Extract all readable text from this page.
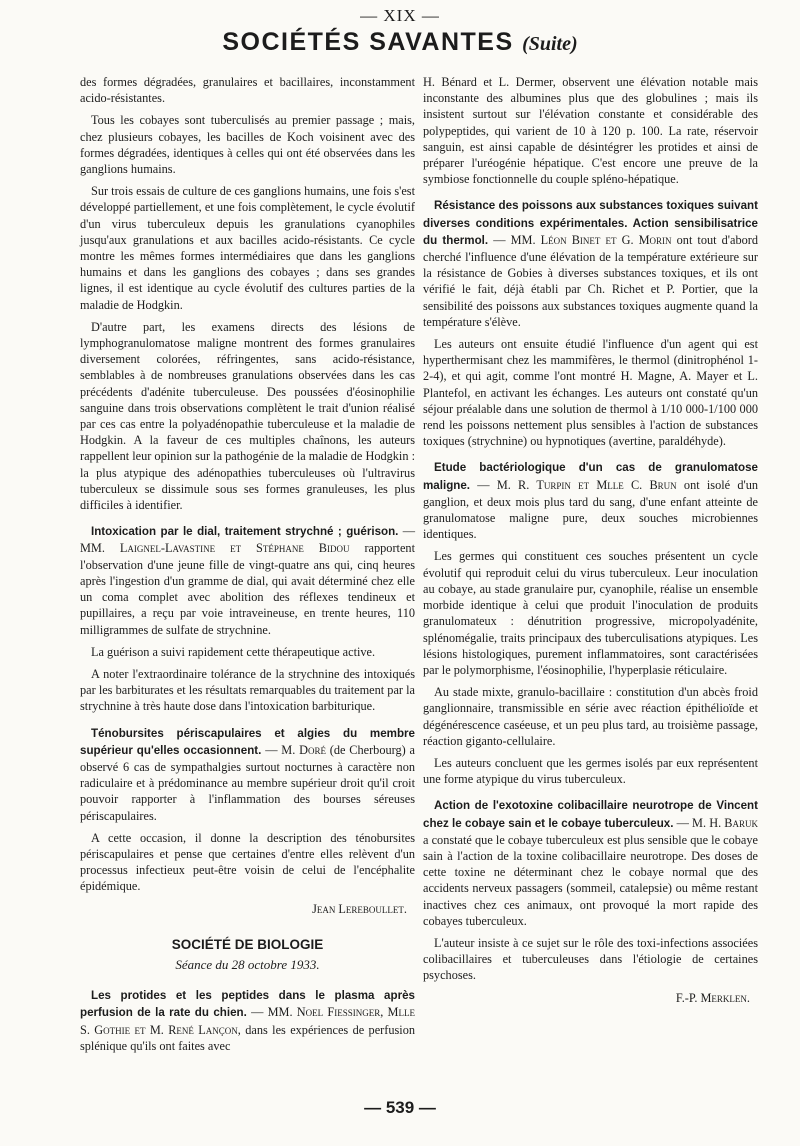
— XIX —
SOCIÉTÉS SAVANTES (Suite)

des formes dégradées, granulaires et bacillaires, inconstamment acido-résistantes.

Tous les cobayes sont tuberculisés au premier passage ; mais, chez plusieurs cobayes, les bacilles de Koch voisinent avec des formes dégradées, identiques à celles qui ont été observées dans les ganglions humains.

Sur trois essais de culture de ces ganglions humains, une fois s'est développé partiellement, et une fois complètement, le cycle évolutif d'un virus tuberculeux depuis les granulations cyanophiles jusqu'aux granulations et aux bacilles acido-résistants. Ce cycle montre les mêmes formes intermédiaires que dans les ganglions humains et dans les ganglions des cobayes ; dans ses grandes lignes, il est identique au cycle évolutif des cultures parties de la maladie de Hodgkin.

D'autre part, les examens directs des lésions de lymphogranulomatose maligne montrent des formes granulaires diversement colorées, réfringentes, sans acido-résistance, semblables à de nombreuses granulations observées dans les cas précédents d'adénite tuberculeuse. Des poussées d'éosinophilie sanguine dans trois observations complètent le trait d'union réalisé par ces cas entre la polyadénopathie tuberculeuse et la maladie de Hodgkin. A la faveur de ces multiples chaînons, les auteurs rappellent leur opinion sur la pathogénie de la maladie de Hodgkin : la plus atypique des adénopathies tuberculeuses où l'ultravirus tuberculeux se dissimule sous ses formes granuleuses, les plus difficiles à identifier.

Intoxication par le dial, traitement strychné ; guérison. — MM. Laignel-Lavastine et Stéphane Bidou rapportent l'observation d'une jeune fille de vingt-quatre ans qui, cinq heures après l'ingestion d'un gramme de dial, qui avait déterminé chez elle un coma complet avec abolition des réflexes tendineux et pupillaires, a reçu par voie intraveineuse, en trente heures, 110 milligrammes de sulfate de strychnine.

La guérison a suivi rapidement cette thérapeutique active.

A noter l'extraordinaire tolérance de la strychnine des intoxiqués par les barbiturates et les résultats remarquables du traitement par la strychnine à très haute dose dans l'intoxication barbiturique.

Ténobursites périscapulaires et algies du membre supérieur qu'elles occasionnent. — M. Doré (de Cherbourg) a observé 6 cas de sympathalgies surtout nocturnes à caractère non radiculaire et à prédominance au membre supérieur droit qu'il croit pouvoir rapporter à l'inflammation des bourses séreuses périscapulaires.

A cette occasion, il donne la description des ténobursites périscapulaires et pense que certaines d'entre elles relèvent d'un processus infectieux peut-être voisin de celui de l'encéphalite épidémique.

Jean Lereboullet.

SOCIÉTÉ DE BIOLOGIE

Séance du 28 octobre 1933.

Les protides et les peptides dans le plasma après perfusion de la rate du chien. — MM. Noel Fiessinger, Mlle S. Gothie et M. René Lançon, dans les expériences de perfusion splénique qu'ils ont faites avec

H. Bénard et L. Dermer, observent une élévation notable mais inconstante des albumines plus que des globulines ; mais ils insistent surtout sur l'élévation constante et considérable des polypeptides, qui varient de 10 à 120 p. 100. La rate, réservoir sanguin, est ainsi capable de désintégrer les protides et ainsi de préparer l'uréogénie hépatique. C'est encore une preuve de la symbiose fonctionnelle du couple spléno-hépatique.

Résistance des poissons aux substances toxiques suivant diverses conditions expérimentales. Action sensibilisatrice du thermol. — MM. Léon Binet et G. Morin ont tout d'abord cherché l'influence d'une élévation de la température extérieure sur la résistance de Gobies à diverses substances toxiques, et ils ont vérifié le fait, déjà établi par Ch. Richet et P. Portier, que la sensibilité des poissons aux substances toxiques augmente quand la température s'élève.

Les auteurs ont ensuite étudié l'influence d'un agent qui est hyperthermisant chez les mammifères, le thermol (dinitrophénol 1-2-4), et qui agit, comme l'ont montré H. Magne, A. Mayer et L. Plantefol, en activant les échanges. Les auteurs ont constaté qu'un séjour préalable dans une solution de thermol à 1/10 000-1/100 000 rend les poissons nettement plus sensibles à l'action de substances toxiques (strychnine) ou hypnotiques (avertine, paraldéhyde).

Etude bactériologique d'un cas de granulomatose maligne. — M. R. Turpin et Mlle C. Brun ont isolé d'un ganglion, et deux mois plus tard du sang, d'une enfant atteinte de granulomatose maligne pure, deux souches microbiennes identiques.

Les germes qui constituent ces souches présentent un cycle évolutif qui reproduit celui du virus tuberculeux. Leur inoculation au cobaye, au stade granulaire pur, cyanophile, réalise un ensemble morbide identique à celui que produit l'inoculation de produits granulomateux : dénutrition progressive, micropolyadénite, splénomégalie, traits principaux des tuberculisations atypiques. Les lésions histologiques, purement inflammatoires, sont caractérisées par le polymorphisme, l'éosinophilie, l'hyperplasie réticulaire.

Au stade mixte, granulo-bacillaire : constitution d'un abcès froid ganglionnaire, transmissible en série avec réaction épithélioïde et dégénérescence caséeuse, et un peu plus tard, au troisième passage, réaction giganto-cellulaire.

Les auteurs concluent que les germes isolés par eux représentent une forme atypique du virus tuberculeux.

Action de l'exotoxine colibacillaire neurotrope de Vincent chez le cobaye sain et le cobaye tuberculeux. — M. H. Baruk a constaté que le cobaye tuberculeux est plus sensible que le cobaye sain à l'action de la toxine colibacillaire neurotrope. Des doses de cette toxine ne déterminant chez le cobaye normal que des accidents nerveux passagers (sommeil, catalepsie) ou même restant inactives chez ces animaux, ont provoqué la mort rapide des cobayes tuberculeux.

L'auteur insiste à ce sujet sur le rôle des toxi-infections associées colibacillaires et tuberculeuses dans l'étiologie de certaines psychoses.

F.-P. Merklen.

— 539 —
